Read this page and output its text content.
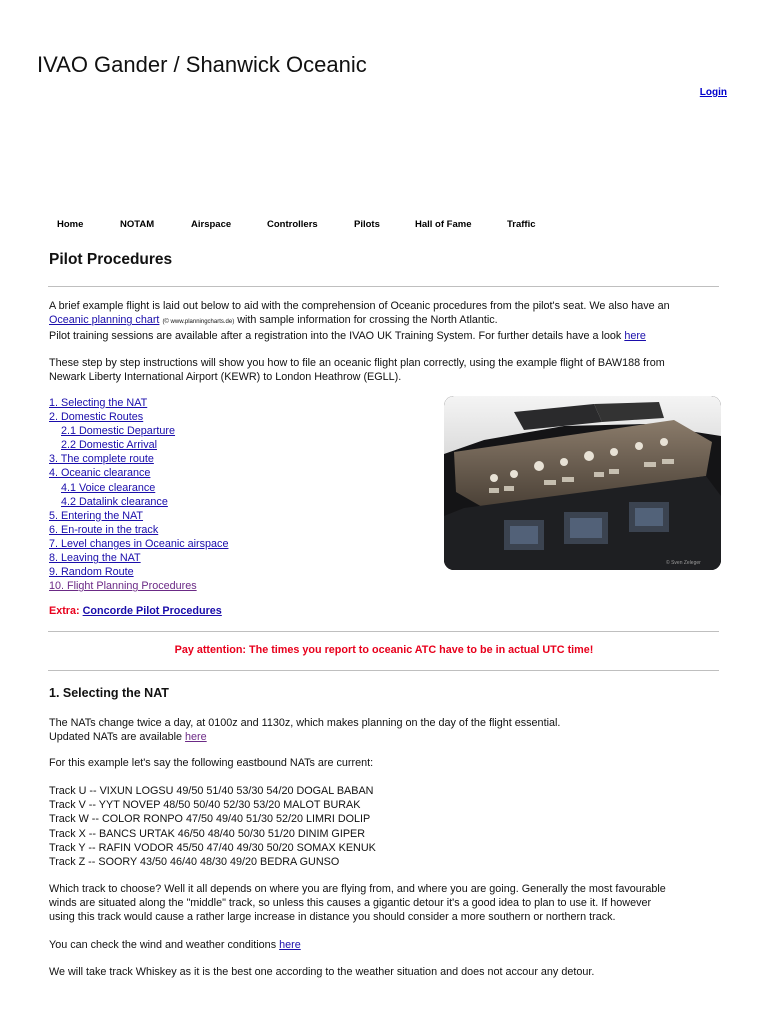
IVAO Gander / Shanwick Oceanic
Login
Home	NOTAM	Airspace	Controllers	Pilots	Hall of Fame	Traffic
Pilot Procedures
A brief example flight is laid out below to aid with the comprehension of Oceanic procedures from the pilot's seat. We also have an
Oceanic planning chart (© www.planningcharts.de) with sample information for crossing the North Atlantic.
Pilot training sessions are available after a registration into the IVAO UK Training System. For further details have a look here
These step by step instructions will show you how to file an oceanic flight plan correctly, using the example flight of BAW188 from
Newark Liberty International Airport (KEWR) to London Heathrow (EGLL).
1. Selecting the NAT
2. Domestic Routes
2.1 Domestic Departure
2.2 Domestic Arrival
3. The complete route
4. Oceanic clearance
4.1 Voice clearance
4.2 Datalink clearance
5. Entering the NAT
6. En-route in the track
7. Level changes in Oceanic airspace
8. Leaving the NAT
9. Random Route
10. Flight Planning Procedures
© Sven Zeleger
Extra: Concorde Pilot Procedures
Pay attention: The times you report to oceanic ATC have to be in actual UTC time!
1. Selecting the NAT
The NATs change twice a day, at 0100z and 1130z, which makes planning on the day of the flight essential.
Updated NATs are available here
For this example let's say the following eastbound NATs are current:
Track U -- VIXUN LOGSU 49/50 51/40 53/30 54/20 DOGAL BABAN
Track V -- YYT NOVEP 48/50 50/40 52/30 53/20 MALOT BURAK
Track W -- COLOR RONPO 47/50 49/40 51/30 52/20 LIMRI DOLIP
Track X -- BANCS URTAK 46/50 48/40 50/30 51/20 DINIM GIPER
Track Y -- RAFIN VODOR 45/50 47/40 49/30 50/20 SOMAX KENUK
Track Z -- SOORY 43/50 46/40 48/30 49/20 BEDRA GUNSO
Which track to choose? Well it all depends on where you are flying from, and where you are going. Generally the most favourable
winds are situated along the "middle" track, so unless this causes a gigantic detour it's a good idea to plan to use it. If however
using this track would cause a rather large increase in distance you should consider a more southern or northern track.
You can check the wind and weather conditions here
We will take track Whiskey as it is the best one according to the weather situation and does not accour any detour.
